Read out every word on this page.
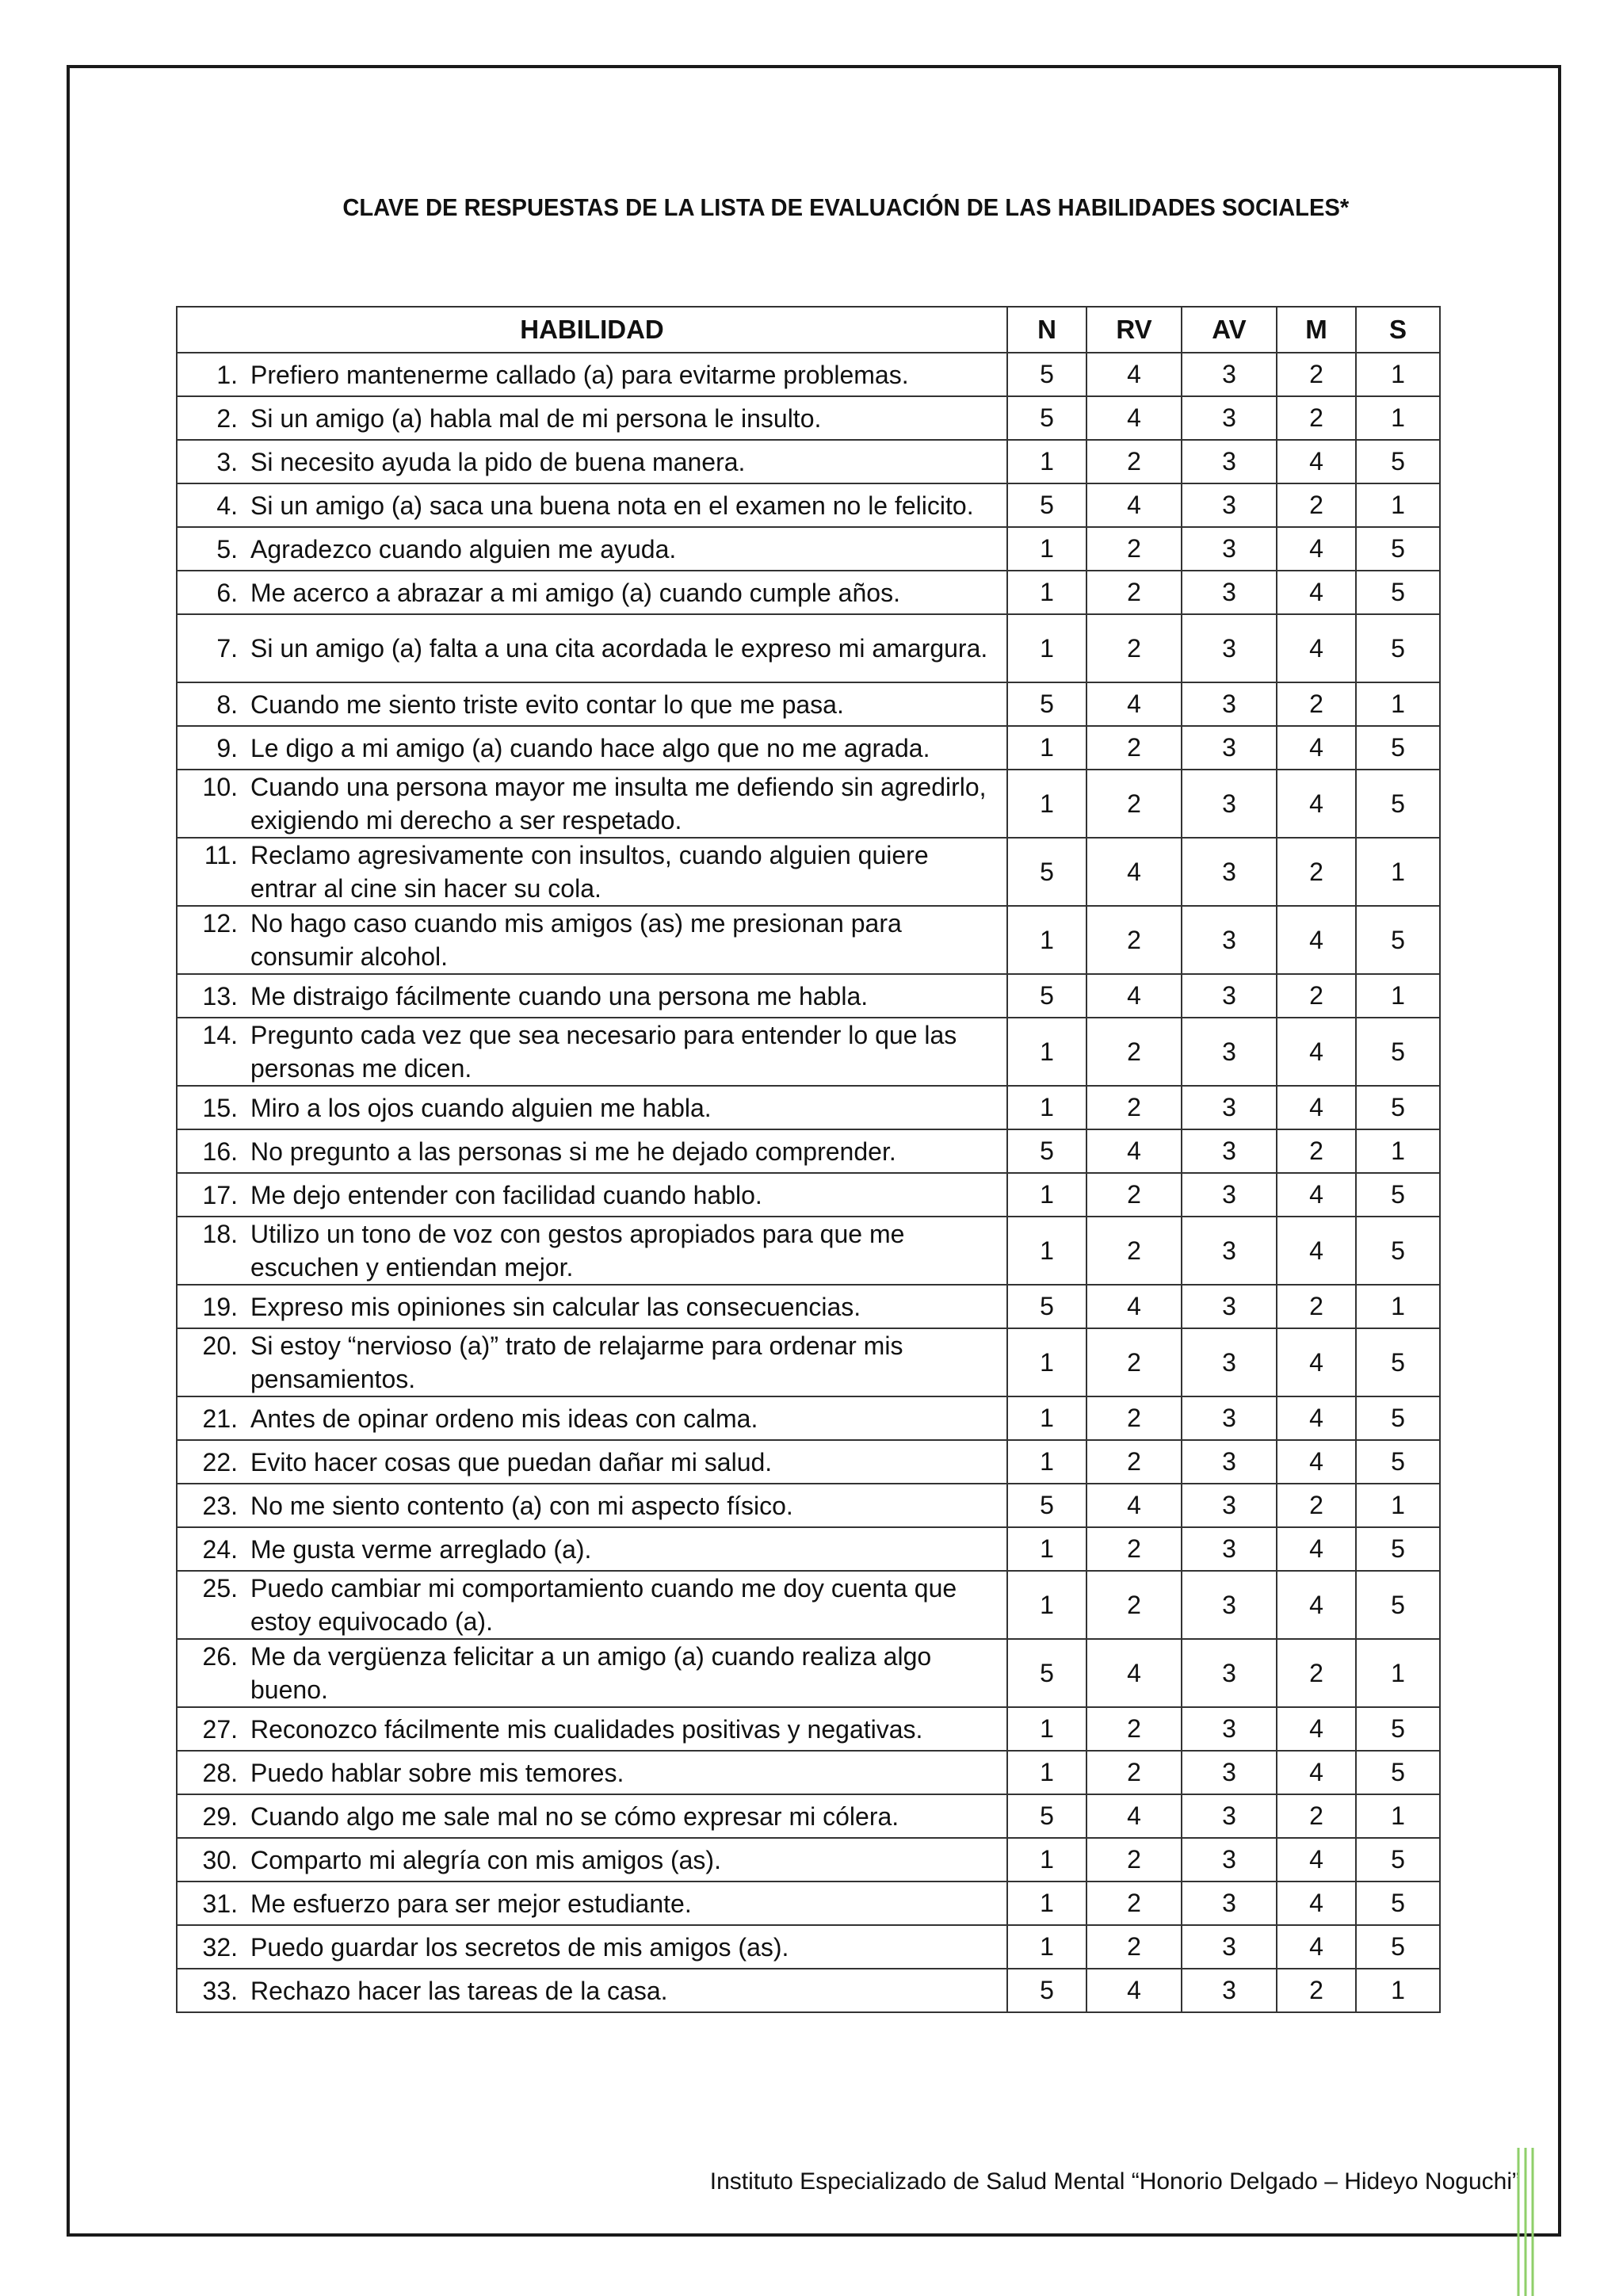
CLAVE DE RESPUESTAS DE LA LISTA DE EVALUACIÓN DE LAS HABILIDADES SOCIALES*
HABILIDAD	N	RV	AV	M	S

1. Prefiero mantenerme callado (a) para evitarme problemas.	5	4	3	2	1

2. Si un amigo (a) habla mal de mi persona le insulto.	5	4	3	2	1

3. Si necesito ayuda la pido de buena manera.	1	2	3	4	5

4. Si un amigo (a) saca una buena nota en el examen no le felicito.	5	4	3	2	1

5. Agradezco cuando alguien me ayuda.	1	2	3	4	5

6. Me acerco a abrazar a mi amigo (a) cuando cumple años.	1	2	3	4	5

7. Si un amigo (a) falta a una cita acordada le expreso mi amargura.	1	2	3	4	5

8. Cuando me siento triste evito contar lo que me pasa.	5	4	3	2	1

9. Le digo a mi amigo (a) cuando hace algo que no me agrada.	1	2	3	4	5

10. Cuando una persona mayor me insulta me defiendo sin agredirlo, exigiendo mi derecho a ser respetado.	1	2	3	4	5

11. Reclamo agresivamente con insultos, cuando alguien quiere entrar al cine sin hacer su cola.	5	4	3	2	1

12. No hago caso cuando mis amigos (as) me presionan para consumir alcohol.	1	2	3	4	5

13. Me distraigo fácilmente cuando una persona me habla.	5	4	3	2	1

14. Pregunto cada vez que sea necesario para entender lo que las personas me dicen.	1	2	3	4	5

15. Miro a los ojos cuando alguien me habla.	1	2	3	4	5

16. No pregunto a las personas si me he dejado comprender.	5	4	3	2	1

17. Me dejo entender con facilidad cuando hablo.	1	2	3	4	5

18. Utilizo un tono de voz con gestos apropiados para que me escuchen y entiendan mejor.	1	2	3	4	5

19. Expreso mis opiniones sin calcular las consecuencias.	5	4	3	2	1

20. Si estoy “nervioso (a)” trato de relajarme para ordenar mis pensamientos.	1	2	3	4	5

21. Antes de opinar ordeno mis ideas con calma.	1	2	3	4	5

22. Evito hacer cosas que puedan dañar mi salud.	1	2	3	4	5

23. No me siento contento (a) con mi aspecto físico.	5	4	3	2	1

24. Me gusta verme arreglado (a).	1	2	3	4	5

25. Puedo cambiar mi comportamiento cuando me doy cuenta que estoy equivocado (a).	1	2	3	4	5

26. Me da vergüenza felicitar a un amigo (a) cuando realiza algo bueno.	5	4	3	2	1

27. Reconozco fácilmente mis cualidades positivas y negativas.	1	2	3	4	5

28. Puedo hablar sobre mis temores.	1	2	3	4	5

29. Cuando algo me sale mal no se cómo expresar mi cólera.	5	4	3	2	1

30. Comparto mi alegría con mis amigos (as).	1	2	3	4	5

31. Me esfuerzo para ser mejor estudiante.	1	2	3	4	5

32. Puedo guardar los secretos de mis amigos (as).	1	2	3	4	5

33. Rechazo hacer las tareas de la casa.	5	4	3	2	1
Instituto Especializado de Salud Mental “Honorio Delgado – Hideyo Noguchi”
